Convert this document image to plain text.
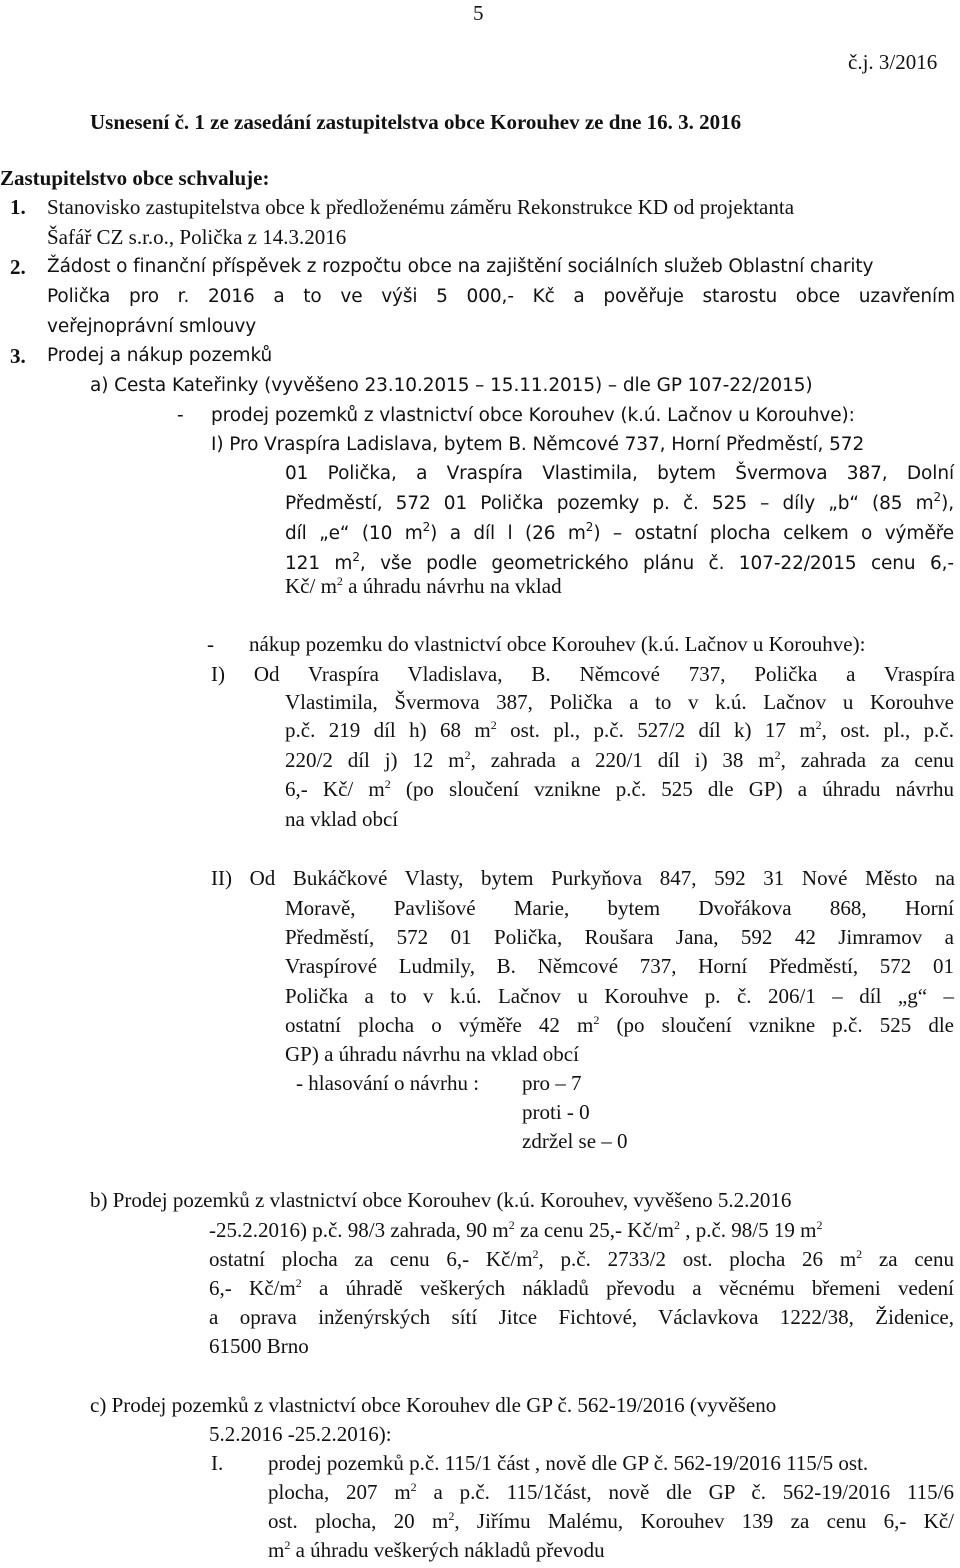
5
č.j. 3/2016
Usnesení č. 1 ze zasedání zastupitelstva obce Korouhev ze dne 16. 3. 2016
Zastupitelstvo obce schvaluje:
1. Stanovisko zastupitelstva obce k předloženému záměru Rekonstrukce KD od projektanta
Šafář CZ s.r.o., Polička z 14.3.2016
2. Žádost o finanční příspěvek z rozpočtu obce na zajištění sociálních služeb Oblastní charity
Polička pro r. 2016 a to ve výši 5 000,- Kč a pověřuje starostu obce uzavřením
veřejnoprávní smlouvy
3. Prodej a nákup pozemků
a) Cesta Kateřinky (vyvěšeno 23.10.2015 – 15.11.2015) – dle GP 107-22/2015)
- prodej pozemků z vlastnictví obce Korouhev (k.ú. Lačnov u Korouhve):
I) Pro Vraspíra Ladislava, bytem B. Němcové 737, Horní Předměstí, 572
01 Polička, a Vraspíra Vlastimila, bytem Švermova 387, Dolní
Předměstí, 572 01 Polička pozemky p. č. 525 – díly „b“ (85 $m^2$),
díl „e“ (10 $m^2$) a díl l (26 $m^2$) – ostatní plocha celkem o výměře
121 $m^2$, vše podle geometrického plánu č. 107-22/2015 cenu 6,-
Kč/ $m^2$ a úhradu návrhu na vklad
- nákup pozemku do vlastnictví obce Korouhev (k.ú. Lačnov u Korouhve):
I) Od Vraspíra Vladislava, B. Němcové 737, Polička a Vraspíra
Vlastimila, Švermova 387, Polička a to v k.ú. Lačnov u Korouhve
p.č. 219 díl h) 68 $m^2$ ost. pl., p.č. 527/2 díl k) 17 $m^2$, ost. pl., p.č.
220/2 díl j) 12 $m^2$, zahrada a 220/1 díl i) 38 $m^2$, zahrada za cenu
6,- Kč/ $m^2$ (po sloučení vznikne p.č. 525 dle GP) a úhradu návrhu
na vklad obcí
II) Od Bukáčkové Vlasty, bytem Purkyňova 847, 592 31 Nové Město na
Moravě, Pavlišové Marie, bytem Dvořákova 868, Horní
Předměstí, 572 01 Polička, Roušara Jana, 592 42 Jimramov a
Vraspírové Ludmily, B. Němcové 737, Horní Předměstí, 572 01
Polička a to v k.ú. Lačnov u Korouhve p. č. 206/1 – díl „g“ –
ostatní plocha o výměře 42 $m^2$ (po sloučení vznikne p.č. 525 dle
GP) a úhradu návrhu na vklad obcí
- hlasování o návrhu : pro – 7
proti - 0
zdržel se – 0
b) Prodej pozemků z vlastnictví obce Korouhev (k.ú. Korouhev, vyvěšeno 5.2.2016
-25.2.2016) p.č. 98/3 zahrada, 90 $m^2$ za cenu 25,- $Kč/m^2$ , p.č. 98/5 19 $m^2$
ostatní plocha za cenu 6,- $Kč/m^2$, p.č. 2733/2 ost. plocha 26 $m^2$ za cenu
6,- $Kč/m^2$ a úhradě veškerých nákladů převodu a věcnému břemeni vedení
a oprava inženýrských sítí Jitce Fichtové, Václavkova 1222/38, Židenice,
61500 Brno
c) Prodej pozemků z vlastnictví obce Korouhev dle GP č. 562-19/2016 (vyvěšeno
5.2.2016 -25.2.2016):
I. prodej pozemků p.č. 115/1 část , nově dle GP č. 562-19/2016 115/5 ost.
plocha, 207 $m^2$ a p.č. 115/1část, nově dle GP č. 562-19/2016 115/6
ost. plocha, 20 $m^2$, Jiřímu Malému, Korouhev 139 za cenu 6,- Kč/
$m^2$ a úhradu veškerých nákladů převodu
